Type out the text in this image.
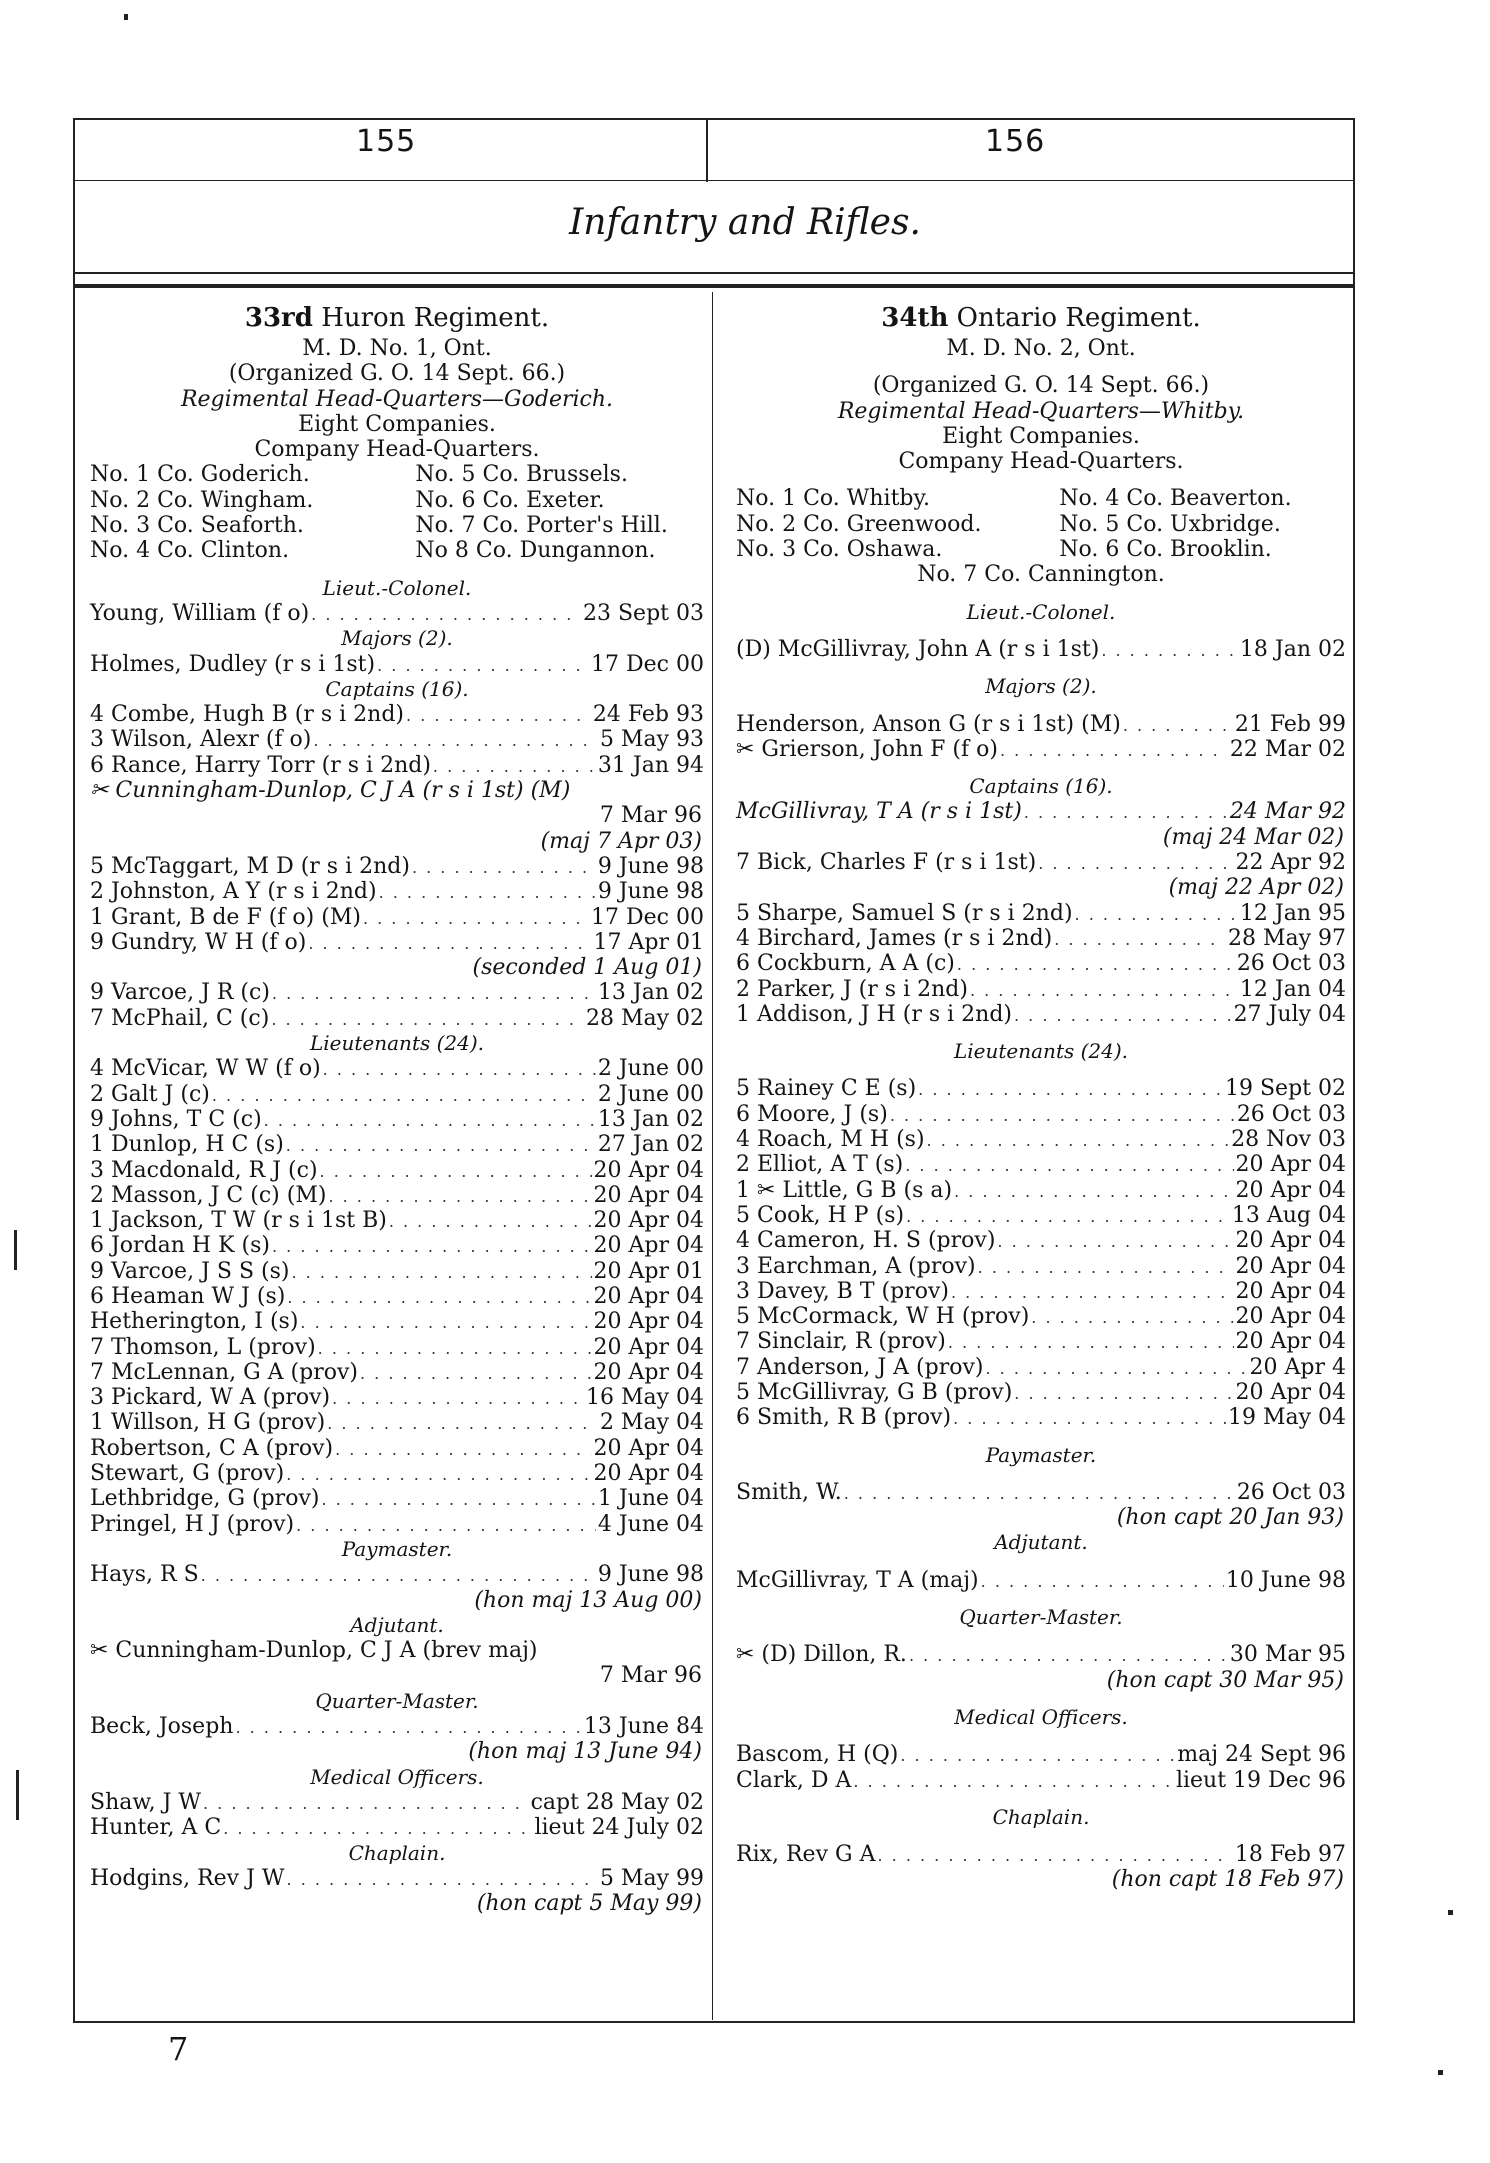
155	156
Infantry and Rifles.
33rd Huron Regiment.
M. D. No. 1, Ont.
(Organized G. O. 14 Sept. 66.)
Regimental Head-Quarters—Goderich.
Eight Companies.
Company Head-Quarters.
No. 1 Co. Goderich.	No. 5 Co. Brussels.
No. 2 Co. Wingham.	No. 6 Co. Exeter.
No. 3 Co. Seaforth.	No. 7 Co. Porter's Hill.
No. 4 Co. Clinton.	No 8 Co. Dungannon.
Lieut.-Colonel.
Young, William (f o) . . .	23 Sept 03
Majors (2).
Holmes, Dudley (r s i 1st) . . .	17 Dec 00
Captains (16).
4 Combe, Hugh B (r s i 2nd) . . .	24 Feb 93
3 Wilson, Alexr (f o) . . .	5 May 93
6 Rance, Harry Torr (r s i 2nd) . . .	31 Jan 94
✂ Cunningham-Dunlop, C J A (r s i 1st) (M)
7 Mar 96
(maj 7 Apr 03)
5 McTaggart, M D (r s i 2nd) . . .	9 June 98
2 Johnston, A Y (r s i 2nd) . . .	9 June 98
1 Grant, B de F (f o) (M) . . .	17 Dec 00
9 Gundry, W H (f o) . . .	17 Apr 01
(seconded 1 Aug 01)
9 Varcoe, J R (c) . . .	13 Jan 02
7 McPhail, C (c) . . .	28 May 02
Lieutenants (24).
4 McVicar, W W (f o) . . .	2 June 00
2 Galt J (c) . . .	2 June 00
9 Johns, T C (c) . . .	13 Jan 02
1 Dunlop, H C (s) . . .	27 Jan 02
3 Macdonald, R J (c) . . .	20 Apr 04
2 Masson, J C (c) (M) . . .	20 Apr 04
1 Jackson, T W (r s i 1st B) . . .	20 Apr 04
6 Jordan H K (s) . . .	20 Apr 04
9 Varcoe, J S S (s) . . .	20 Apr 01
6 Heaman W J (s) . . .	20 Apr 04
Hetherington, I (s) . . .	20 Apr 04
7 Thomson, L (prov) . . .	20 Apr 04
7 McLennan, G A (prov) . . .	20 Apr 04
3 Pickard, W A (prov) . . .	16 May 04
1 Willson, H G (prov) . . .	2 May 04
Robertson, C A (prov) . . .	20 Apr 04
Stewart, G (prov) . . .	20 Apr 04
Lethbridge, G (prov) . . .	1 June 04
Pringel, H J (prov) . . .	4 June 04
Paymaster.
Hays, R S . . .	9 June 98
(hon maj 13 Aug 00)
Adjutant.
✂ Cunningham-Dunlop, C J A (brev maj)
7 Mar 96
Quarter-Master.
Beck, Joseph . . .	13 June 84
(hon maj 13 June 94)
Medical Officers.
Shaw, J W . . .	capt 28 May 02
Hunter, A C . . .	lieut 24 July 02
Chaplain.
Hodgins, Rev J W . . .	5 May 99
(hon capt 5 May 99)
34th Ontario Regiment.
M. D. No. 2, Ont.
(Organized G. O. 14 Sept. 66.)
Regimental Head-Quarters—Whitby.
Eight Companies.
Company Head-Quarters.
No. 1 Co. Whitby.	No. 4 Co. Beaverton.
No. 2 Co. Greenwood.	No. 5 Co. Uxbridge.
No. 3 Co. Oshawa.	No. 6 Co. Brooklin.
No. 7 Co. Cannington.
Lieut.-Colonel.
(D) McGillivray, John A (r s i 1st) . . .	18 Jan 02
Majors (2).
Henderson, Anson G (r s i 1st) (M) . . .	21 Feb 99
✂ Grierson, John F (f o) . . .	22 Mar 02
Captains (16).
McGillivray, T A (r s i 1st) . . .	24 Mar 92
(maj 24 Mar 02)
7 Bick, Charles F (r s i 1st) . . .	22 Apr 92
(maj 22 Apr 02)
5 Sharpe, Samuel S (r s i 2nd) . . .	12 Jan 95
4 Birchard, James (r s i 2nd) . . .	28 May 97
6 Cockburn, A A (c) . . .	26 Oct 03
2 Parker, J (r s i 2nd) . . .	12 Jan 04
1 Addison, J H (r s i 2nd) . . .	27 July 04
Lieutenants (24).
5 Rainey C E (s) . . .	19 Sept 02
6 Moore, J (s) . . .	26 Oct 03
4 Roach, M H (s) . . .	28 Nov 03
2 Elliot, A T (s) . . .	20 Apr 04
1 ✂ Little, G B (s a) . . .	20 Apr 04
5 Cook, H P (s) . . .	13 Aug 04
4 Cameron, H. S (prov) . . .	20 Apr 04
3 Earchman, A (prov) . . .	20 Apr 04
3 Davey, B T (prov) . . .	20 Apr 04
5 McCormack, W H (prov) . . .	20 Apr 04
7 Sinclair, R (prov) . . .	20 Apr 04
7 Anderson, J A (prov) . . .	20 Apr 4
5 McGillivray, G B (prov) . . .	20 Apr 04
6 Smith, R B (prov) . . .	19 May 04
Paymaster.
Smith, W. . . .	26 Oct 03
(hon capt 20 Jan 93)
Adjutant.
McGillivray, T A (maj) . . .	10 June 98
Quarter-Master.
✂ (D) Dillon, R. . . .	30 Mar 95
(hon capt 30 Mar 95)
Medical Officers.
Bascom, H (Q) . . .	maj 24 Sept 96
Clark, D A . . .	lieut 19 Dec 96
Chaplain.
Rix, Rev G A . . .	18 Feb 97
(hon capt 18 Feb 97)
7
